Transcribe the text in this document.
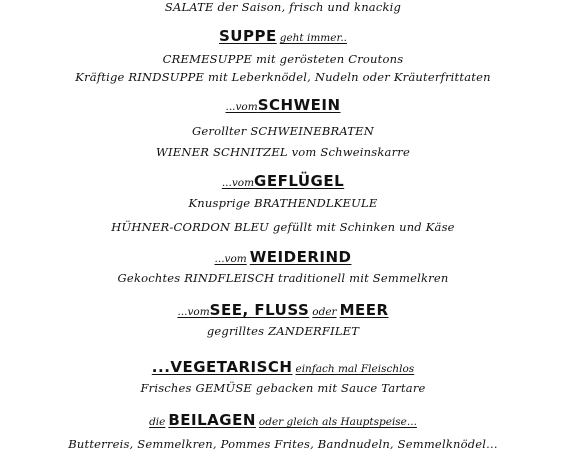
SALATE der Saison, frisch und knackig
SUPPE geht immer..
CREMESUPPE mit gerösteten Croutons
Kräftige RINDSUPPE mit Leberknödel, Nudeln oder Kräuterfrittaten
...vomSCHWEIN
Gerollter SCHWEINEBRATEN
WIENER SCHNITZEL vom Schweinskarre
...vomGEFLÜGEL
Knusprige BRATHENDLKEULE
HÜHNER-CORDON BLEU gefüllt mit Schinken und Käse
...vom WEIDERIND
Gekochtes RINDFLEISCH traditionell mit Semmelkren
...vomSEE, FLUSS oder MEER
gegrilltes ZANDERFILET
...VEGETARISCH einfach mal Fleischlos
Frisches GEMÜSE gebacken mit Sauce Tartare
die BEILAGEN oder gleich als Hauptspeise...
Butterreis, Semmelkren, Pommes Frites, Bandnudeln, Semmelknödel...
